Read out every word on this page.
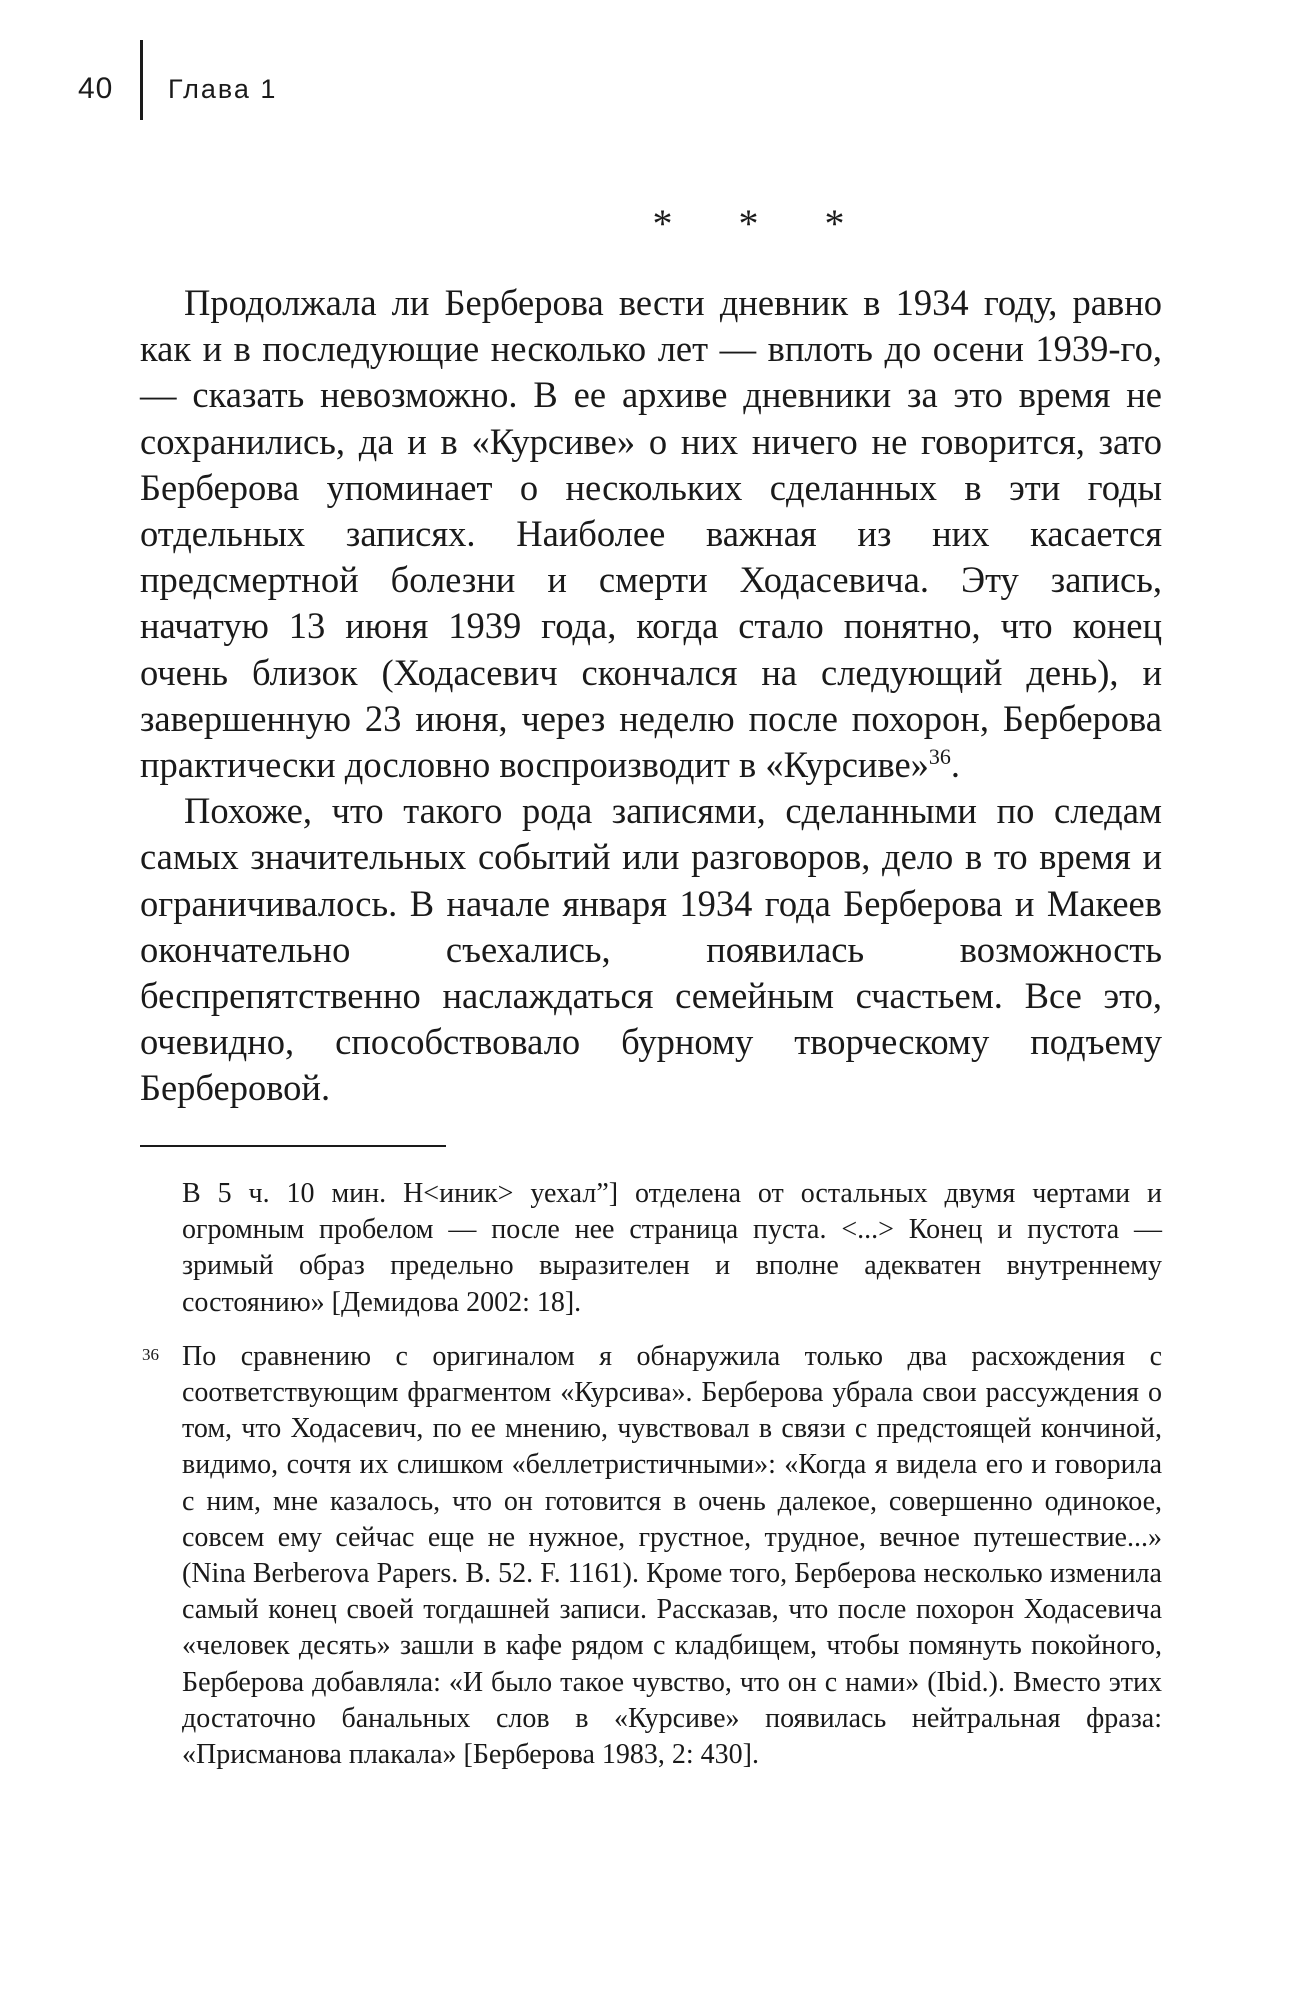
40 Глава 1
* * *

Продолжала ли Берберова вести дневник в 1934 году, равно как и в последующие несколько лет — вплоть до осени 1939-го, — сказать невозможно. В ее архиве дневники за это время не сохранились, да и в «Курсиве» о них ничего не говорится, зато Берберова упоминает о нескольких сделанных в эти годы отдельных записях. Наиболее важная из них касается предсмертной болезни и смерти Ходасевича. Эту запись, начатую 13 июня 1939 года, когда стало понятно, что конец очень близок (Ходасевич скончался на следующий день), и завершенную 23 июня, через неделю после похорон, Берберова практически дословно воспроизводит в «Курсиве»$^{36}$.

Похоже, что такого рода записями, сделанными по следам самых значительных событий или разговоров, дело в то время и ограничивалось. В начале января 1934 года Берберова и Макеев окончательно съехались, появилась возможность беспрепятственно наслаждаться семейным счастьем. Все это, очевидно, способствовало бурному творческому подъему Берберовой.

В 5 ч. 10 мин. Н<иник> уехал”] отделена от остальных двумя чертами и огромным пробелом — после нее страница пуста. <...> Конец и пустота — зримый образ предельно выразителен и вполне адекватен внутреннему состоянию» [Демидова 2002: 18].

36 По сравнению с оригиналом я обнаружила только два расхождения с соответствующим фрагментом «Курсива». Берберова убрала свои рассуждения о том, что Ходасевич, по ее мнению, чувствовал в связи с предстоящей кончиной, видимо, сочтя их слишком «беллетристичными»: «Когда я видела его и говорила с ним, мне казалось, что он готовится в очень далекое, совершенно одинокое, совсем ему сейчас еще не нужное, грустное, трудное, вечное путешествие...» (Nina Berberova Papers. B. 52. F. 1161). Кроме того, Берберова несколько изменила самый конец своей тогдашней записи. Рассказав, что после похорон Ходасевича «человек десять» зашли в кафе рядом с кладбищем, чтобы помянуть покойного, Берберова добавляла: «И было такое чувство, что он с нами» (Ibid.). Вместо этих достаточно банальных слов в «Курсиве» появилась нейтральная фраза: «Присманова плакала» [Берберова 1983, 2: 430].
